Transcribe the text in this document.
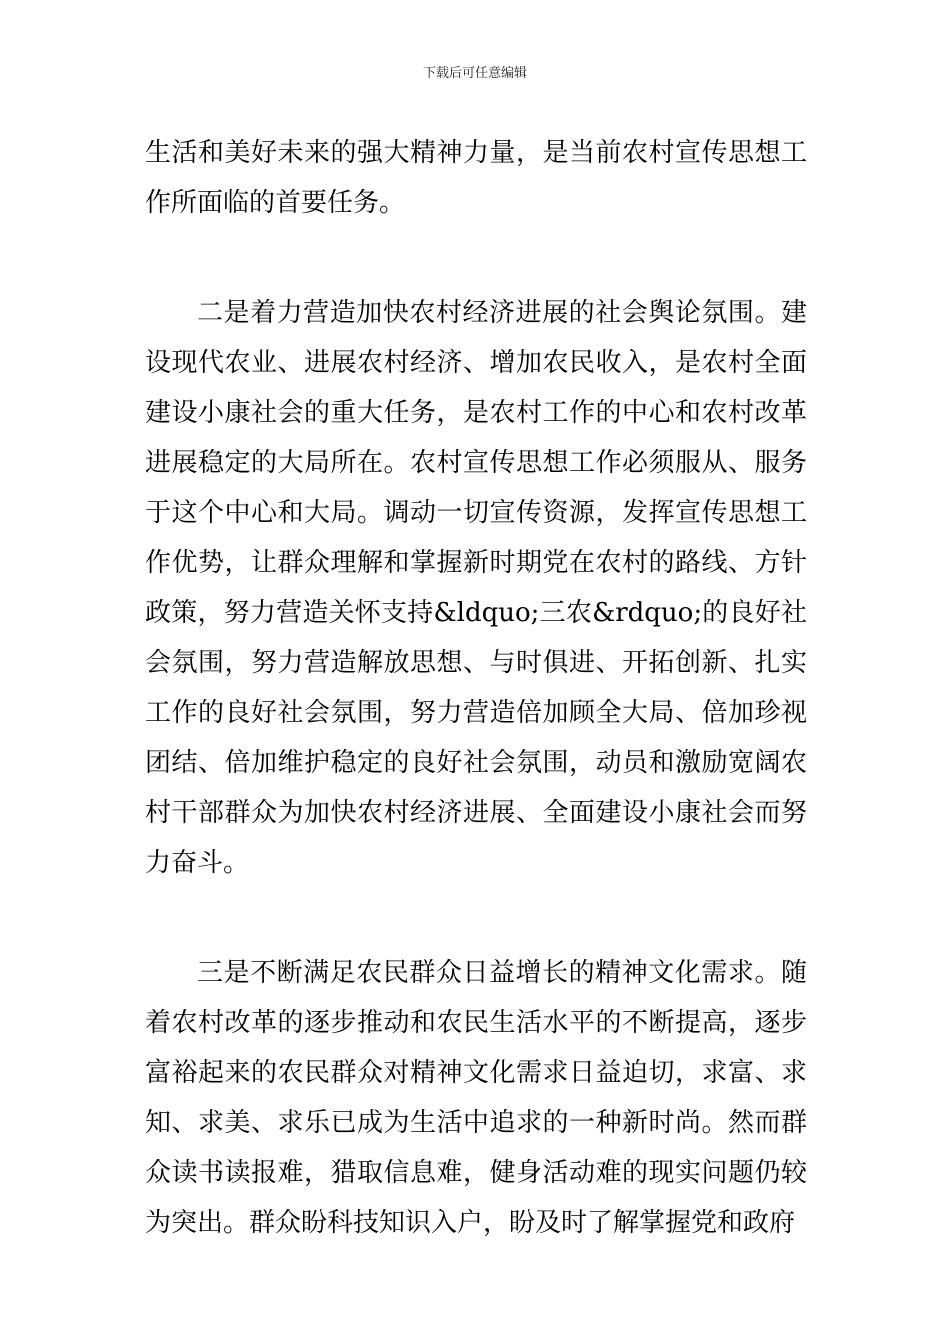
下载后可任意编辑

生活和美好未来的强大精神力量，是当前农村宣传思想工作所面临的首要任务。

二是着力营造加快农村经济进展的社会舆论氛围。建设现代农业、进展农村经济、增加农民收入，是农村全面建设小康社会的重大任务，是农村工作的中心和农村改革进展稳定的大局所在。农村宣传思想工作必须服从、服务于这个中心和大局。调动一切宣传资源，发挥宣传思想工作优势，让群众理解和掌握新时期党在农村的路线、方针政策，努力营造关怀支持&ldquo;三农&rdquo;的良好社会氛围，努力营造解放思想、与时俱进、开拓创新、扎实工作的良好社会氛围，努力营造倍加顾全大局、倍加珍视团结、倍加维护稳定的良好社会氛围，动员和激励宽阔农村干部群众为加快农村经济进展、全面建设小康社会而努力奋斗。

三是不断满足农民群众日益增长的精神文化需求。随着农村改革的逐步推动和农民生活水平的不断提高，逐步富裕起来的农民群众对精神文化需求日益迫切，求富、求知、求美、求乐已成为生活中追求的一种新时尚。然而群众读书读报难，猎取信息难，健身活动难的现实问题仍较为突出。群众盼科技知识入户，盼及时了解掌握党和政府
